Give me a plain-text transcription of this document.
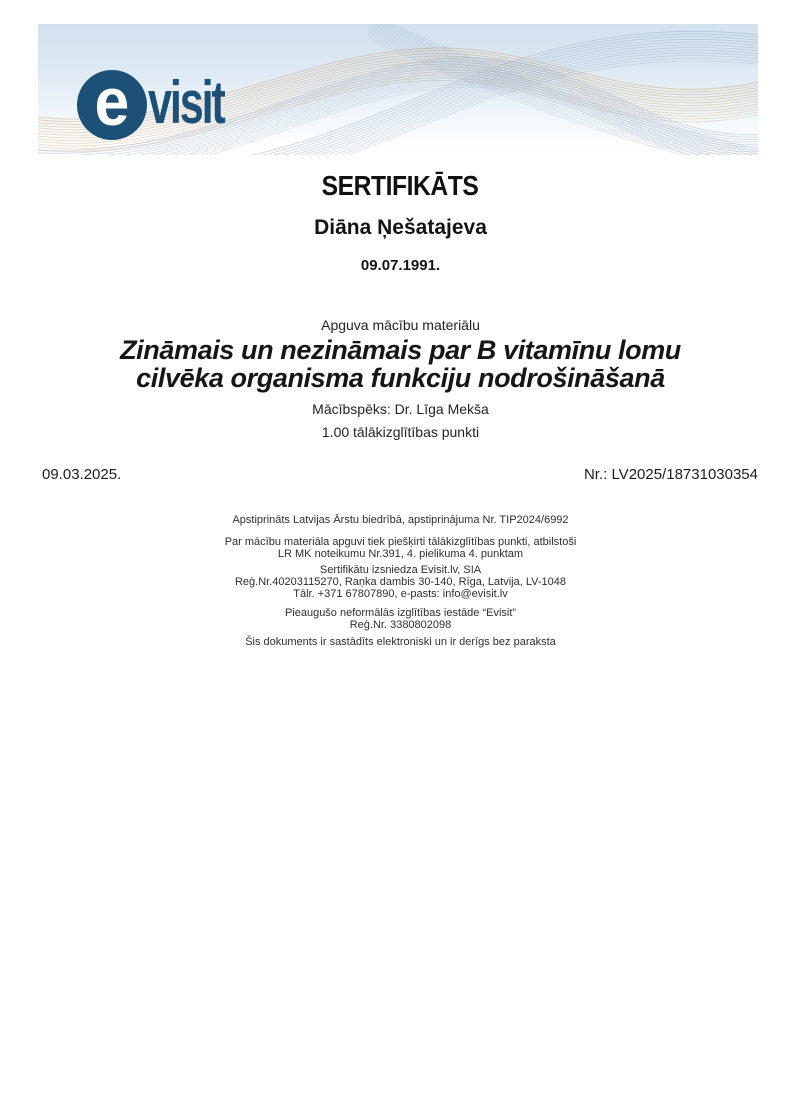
e visit
SERTIFIKĀTS
Diāna Ņešatajeva
09.07.1991.
Apguva mācību materiālu
Zināmais un nezināmais par B vitamīnu lomu
cilvēka organisma funkciju nodrošināšanā
Mācībspēks: Dr. Līga Mekša
1.00 tālākizglītības punkti
09.03.2025.	Nr.: LV2025/18731030354
Apstiprināts Latvijas Ārstu biedrībā, apstiprinājuma Nr. TIP2024/6992
Par mācību materiāla apguvi tiek piešķirti tālākizglītības punkti, atbilstoši
LR MK noteikumu Nr.391, 4. pielikuma 4. punktam
Sertifikātu izsniedza Evisit.lv, SIA
Reģ.Nr.40203115270, Raņka dambis 30-140, Rīga, Latvija, LV-1048
Tālr. +371 67807890, e-pasts: info@evisit.lv
Pieaugušo neformālās izglītības iestāde “Evisit”
Reģ.Nr. 3380802098
Šis dokuments ir sastādīts elektroniski un ir derīgs bez paraksta
